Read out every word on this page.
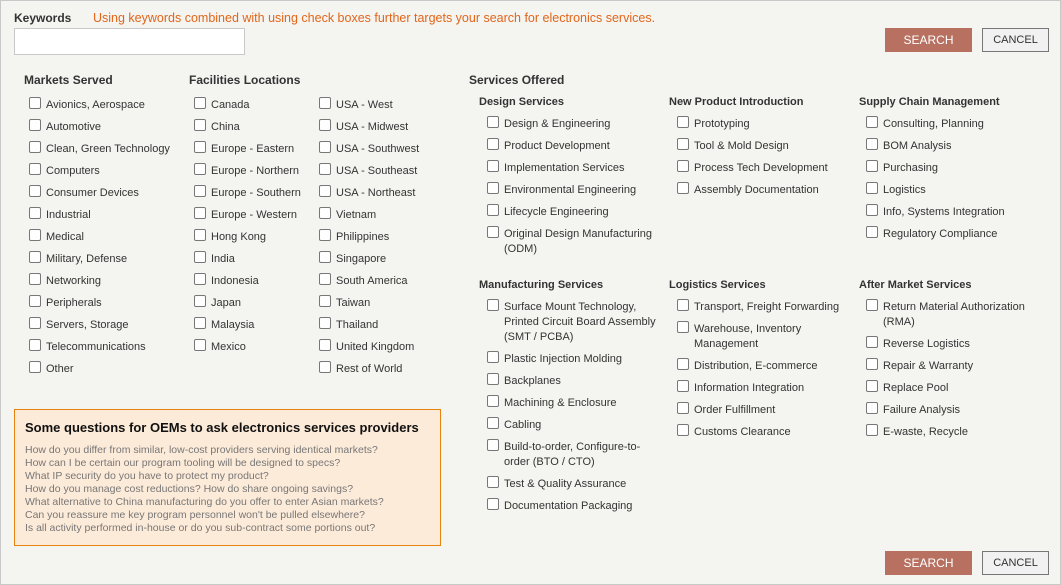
Keywords Using keywords combined with using check boxes further targets your search for electronics services.
SEARCH	CANCEL
Markets Served
Avionics, Aerospace
Automotive
Clean, Green Technology
Computers
Consumer Devices
Industrial
Medical
Military, Defense
Networking
Peripherals
Servers, Storage
Telecommunications
Other
Facilities Locations
Canada
China
Europe - Eastern
Europe - Northern
Europe - Southern
Europe - Western
Hong Kong
India
Indonesia
Japan
Malaysia
Mexico
USA - West
USA - Midwest
USA - Southwest
USA - Southeast
USA - Northeast
Vietnam
Philippines
Singapore
South America
Taiwan
Thailand
United Kingdom
Rest of World
Services Offered
Design Services
Design & Engineering
Product Development
Implementation Services
Environmental Engineering
Lifecycle Engineering
Original Design Manufacturing
(ODM)
New Product Introduction
Prototyping
Tool & Mold Design
Process Tech Development
Assembly Documentation
Supply Chain Management
Consulting, Planning
BOM Analysis
Purchasing
Logistics
Info, Systems Integration
Regulatory Compliance
Manufacturing Services
Surface Mount Technology,
Printed Circuit Board Assembly
(SMT / PCBA)
Plastic Injection Molding
Backplanes
Machining & Enclosure
Cabling
Build-to-order, Configure-to-
order (BTO / CTO)
Test & Quality Assurance
Documentation Packaging
Logistics Services
Transport, Freight Forwarding
Warehouse, Inventory
Management
Distribution, E-commerce
Information Integration
Order Fulfillment
Customs Clearance
After Market Services
Return Material Authorization
(RMA)
Reverse Logistics
Repair & Warranty
Replace Pool
Failure Analysis
E-waste, Recycle
Some questions for OEMs to ask electronics services providers
How do you differ from similar, low-cost providers serving identical markets?
How can I be certain our program tooling will be designed to specs?
What IP security do you have to protect my product?
How do you manage cost reductions? How do share ongoing savings?
What alternative to China manufacturing do you offer to enter Asian markets?
Can you reassure me key program personnel won't be pulled elsewhere?
Is all activity performed in-house or do you sub-contract some portions out?
SEARCH	CANCEL
